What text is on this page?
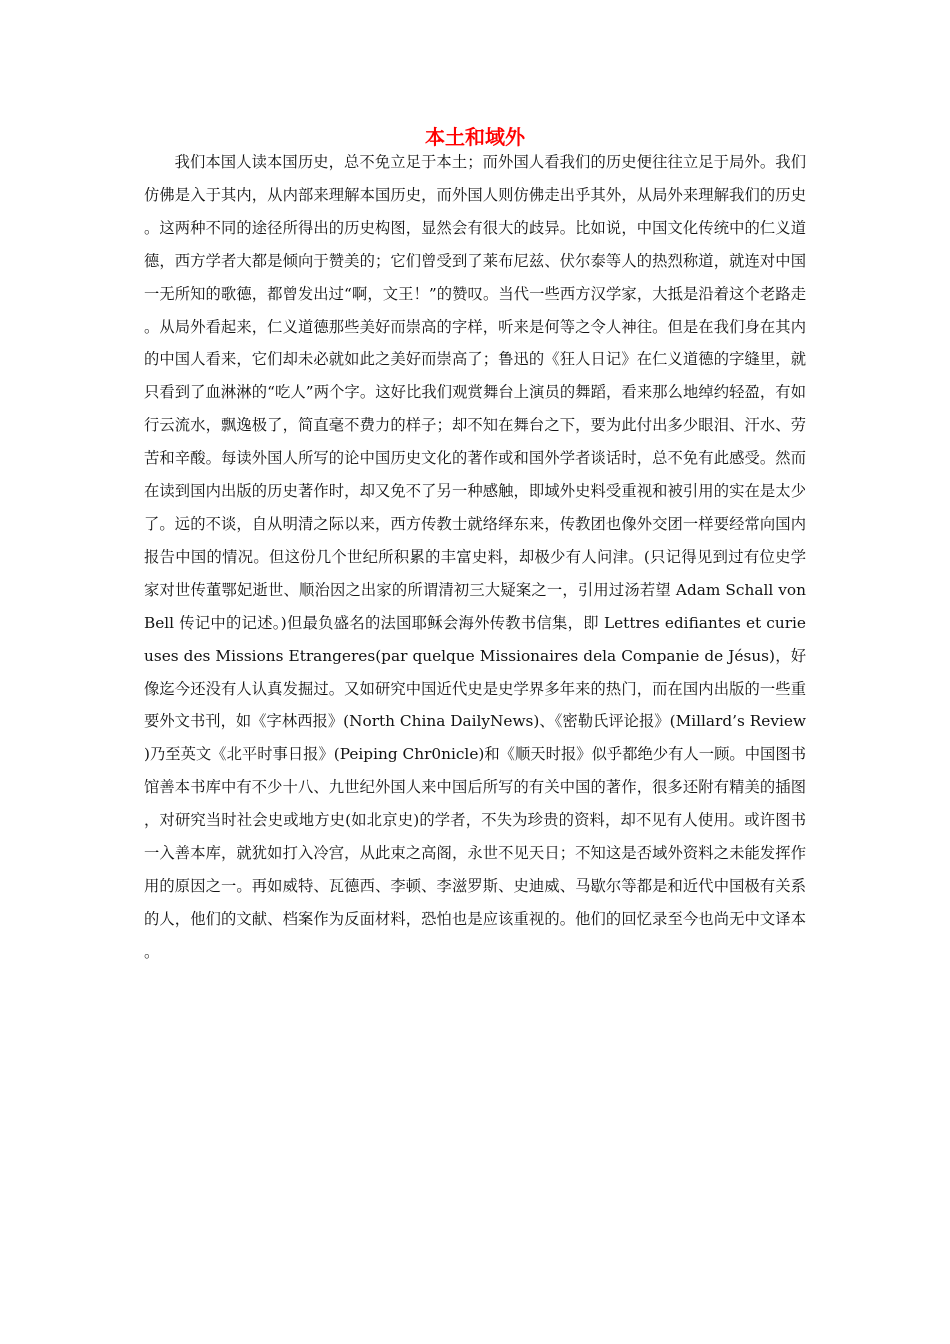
本土和域外

我们本国人读本国历史，总不免立足于本土；而外国人看我们的历史便往往立足于局外。我们仿佛是入于其内，从内部来理解本国历史，而外国人则仿佛走出乎其外，从局外来理解我们的历史。这两种不同的途径所得出的历史构图，显然会有很大的歧异。比如说，中国文化传统中的仁义道德，西方学者大都是倾向于赞美的；它们曾受到了莱布尼兹、伏尔泰等人的热烈称道，就连对中国一无所知的歌德，都曾发出过“啊，文王！”的赞叹。当代一些西方汉学家，大抵是沿着这个老路走。从局外看起来，仁义道德那些美好而崇高的字样，听来是何等之令人神往。但是在我们身在其内的中国人看来，它们却未必就如此之美好而崇高了；鲁迅的《狂人日记》在仁义道德的字缝里，就只看到了血淋淋的“吃人”两个字。这好比我们观赏舞台上演员的舞蹈，看来那么地绰约轻盈，有如行云流水，飘逸极了，简直毫不费力的样子；却不知在舞台之下，要为此付出多少眼泪、汗水、劳苦和辛酸。每读外国人所写的论中国历史文化的著作或和国外学者谈话时，总不免有此感受。然而在读到国内出版的历史著作时，却又免不了另一种感触，即域外史料受重视和被引用的实在是太少了。远的不谈，自从明清之际以来，西方传教士就络绎东来，传教团也像外交团一样要经常向国内报告中国的情况。但这份几个世纪所积累的丰富史料，却极少有人问津。(只记得见到过有位史学家对世传董鄂妃逝世、顺治因之出家的所谓清初三大疑案之一，引用过汤若望 Adam Schall vonBell 传记中的记述。)但最负盛名的法国耶稣会海外传教书信集，即 Lettres edifiantes et curieuses des Missions Etrangeres(par quelque Missionaires dela Companie de Jésus)，好像迄今还没有人认真发掘过。又如研究中国近代史是史学界多年来的热门，而在国内出版的一些重要外文书刊，如《字林西报》(North China DailyNews)、《密勒氏评论报》(Millard’s Review)乃至英文《北平时事日报》(Peiping Chr0nicle)和《顺天时报》似乎都绝少有人一顾。中国图书馆善本书库中有不少十八、九世纪外国人来中国后所写的有关中国的著作，很多还附有精美的插图，对研究当时社会史或地方史(如北京史)的学者，不失为珍贵的资料，却不见有人使用。或许图书一入善本库，就犹如打入冷宫，从此束之高阁，永世不见天日；不知这是否域外资料之未能发挥作用的原因之一。再如威特、瓦德西、李顿、李滋罗斯、史迪威、马歇尔等都是和近代中国极有关系的人，他们的文献、档案作为反面材料，恐怕也是应该重视的。他们的回忆录至今也尚无中文译本。
